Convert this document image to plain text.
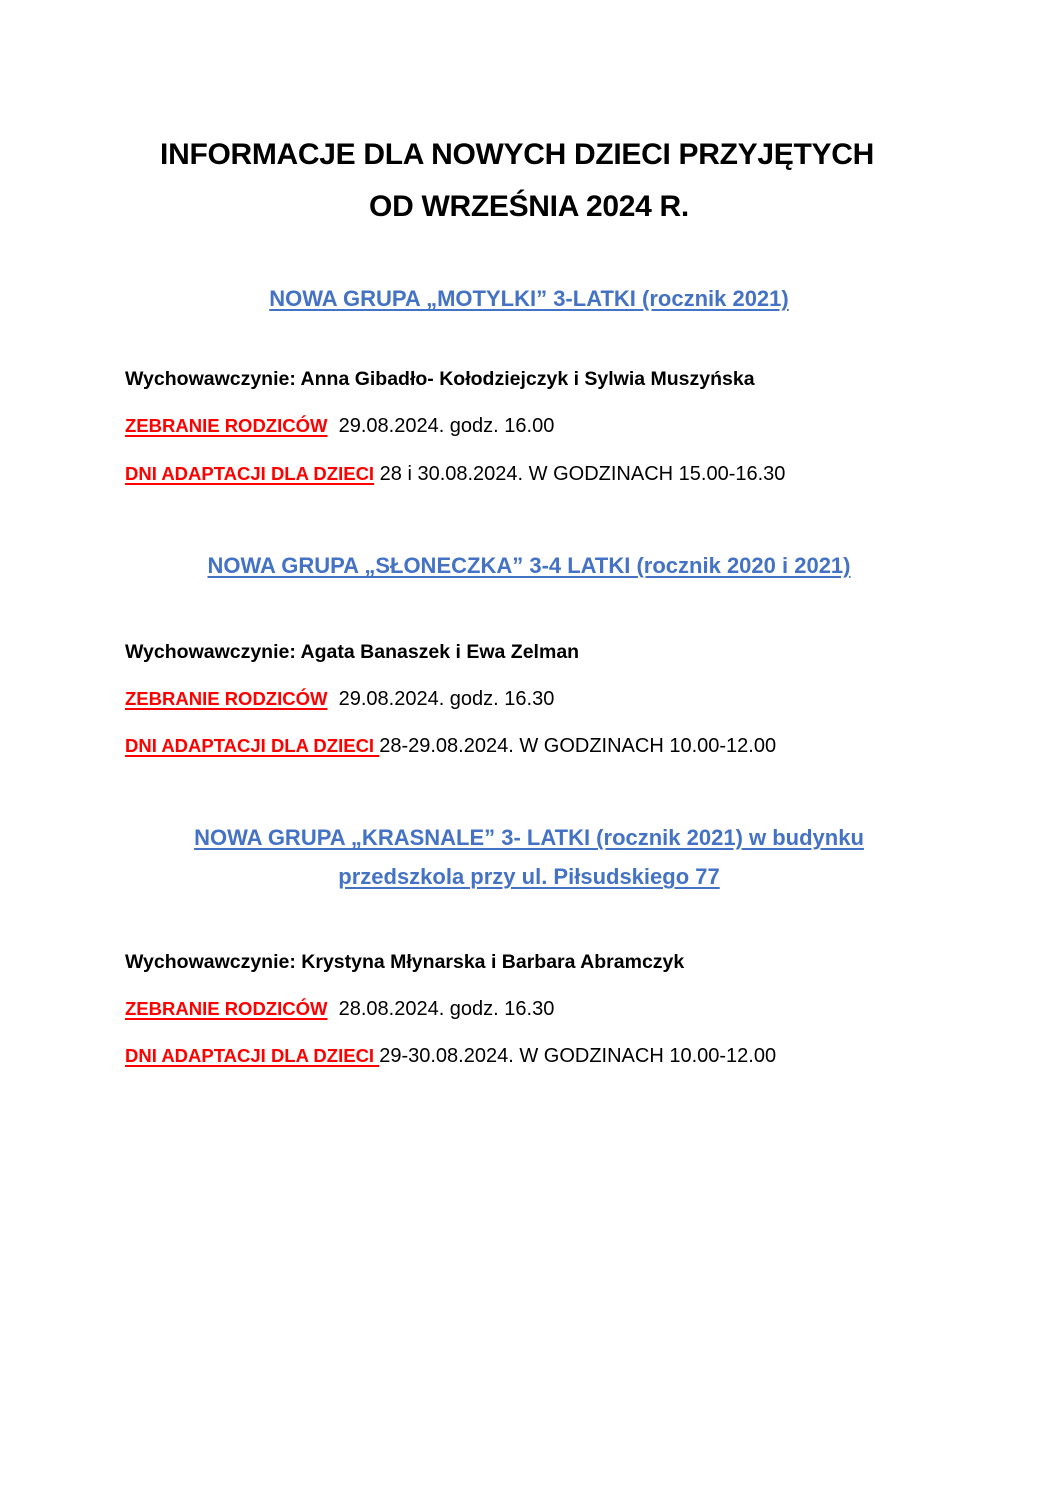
INFORMACJE DLA NOWYCH DZIECI PRZYJĘTYCH
OD WRZEŚNIA 2024 R.
NOWA GRUPA „MOTYLKI” 3-LATKI (rocznik 2021)

Wychowawczynie: Anna Gibadło- Kołodziejczyk i Sylwia Muszyńska

ZEBRANIE RODZICÓW 29.08.2024. godz. 16.00

DNI ADAPTACJI DLA DZIECI 28 i 30.08.2024. W GODZINACH 15.00-16.30

NOWA GRUPA „SŁONECZKA” 3-4 LATKI (rocznik 2020 i 2021)

Wychowawczynie: Agata Banaszek i Ewa Zelman

ZEBRANIE RODZICÓW 29.08.2024. godz. 16.30

DNI ADAPTACJI DLA DZIECI 28-29.08.2024. W GODZINACH 10.00-12.00

NOWA GRUPA „KRASNALE” 3- LATKI (rocznik 2021) w budynku
przedszkola przy ul. Piłsudskiego 77

Wychowawczynie: Krystyna Młynarska i Barbara Abramczyk

ZEBRANIE RODZICÓW 28.08.2024. godz. 16.30

DNI ADAPTACJI DLA DZIECI 29-30.08.2024. W GODZINACH 10.00-12.00
